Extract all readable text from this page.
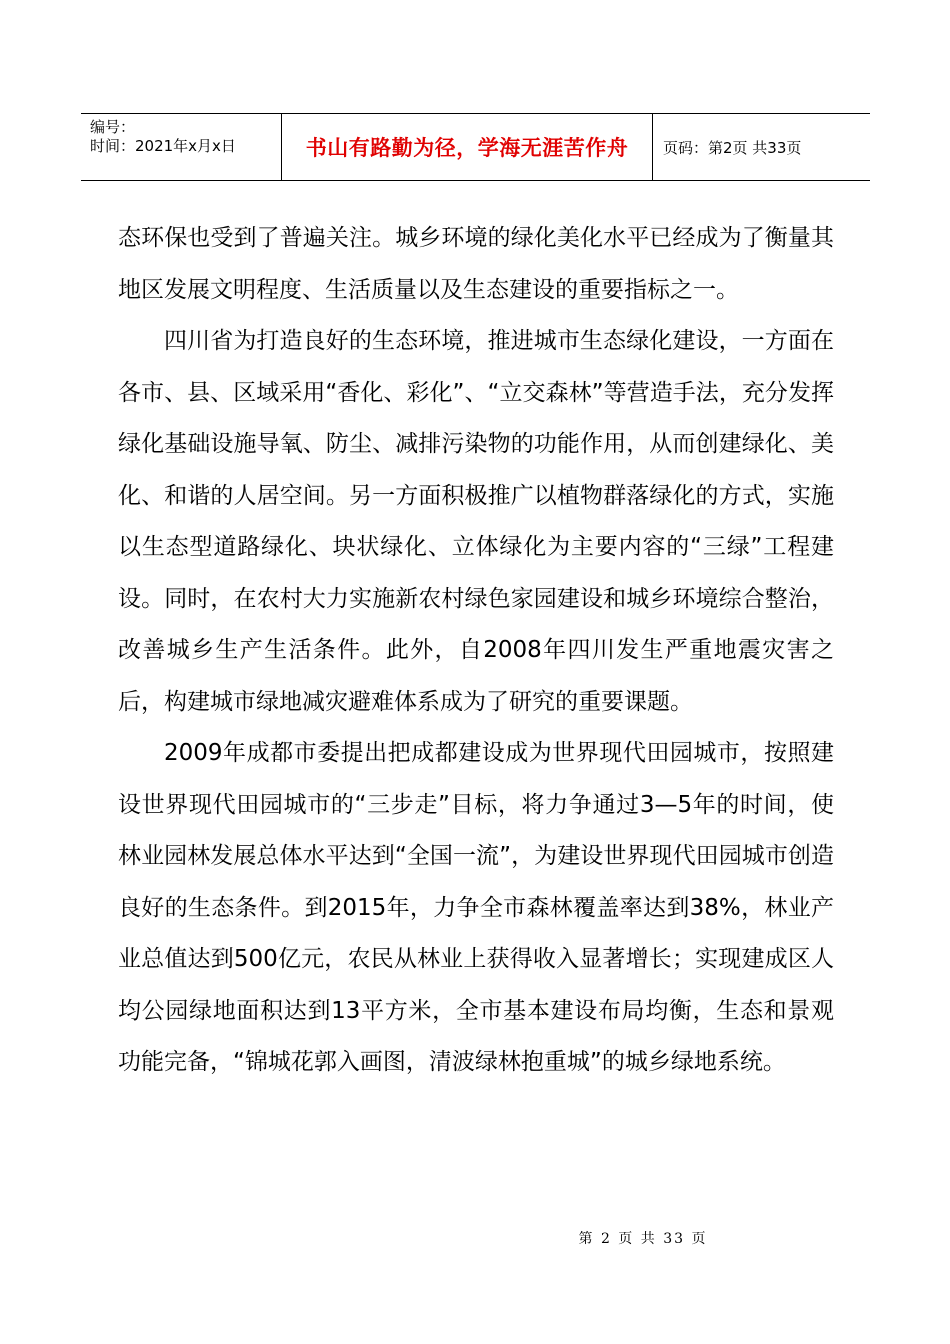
编号：
时间：2021年x月x日	书山有路勤为径，学海无涯苦作舟 页码：第2页 共33页

态环保也受到了普遍关注。城乡环境的绿化美化水平已经成为了衡量其地区发展文明程度、生活质量以及生态建设的重要指标之一。

四川省为打造良好的生态环境，推进城市生态绿化建设，一方面在各市、县、区域采用“香化、彩化”、“立交森林”等营造手法，充分发挥绿化基础设施导氧、防尘、减排污染物的功能作用，从而创建绿化、美化、和谐的人居空间。另一方面积极推广以植物群落绿化的方式，实施以生态型道路绿化、块状绿化、立体绿化为主要内容的“三绿”工程建设。同时，在农村大力实施新农村绿色家园建设和城乡环境综合整治，改善城乡生产生活条件。此外，自2008年四川发生严重地震灾害之后，构建城市绿地减灾避难体系成为了研究的重要课题。

2009年成都市委提出把成都建设成为世界现代田园城市，按照建设世界现代田园城市的“三步走”目标，将力争通过3—5年的时间，使林业园林发展总体水平达到“全国一流”，为建设世界现代田园城市创造良好的生态条件。到2015年，力争全市森林覆盖率达到38%，林业产业总值达到500亿元，农民从林业上获得收入显著增长；实现建成区人均公园绿地面积达到13平方米，全市基本建设布局均衡，生态和景观功能完备，“锦城花郭入画图，清波绿林抱重城”的城乡绿地系统。

第 2 页 共 33 页
